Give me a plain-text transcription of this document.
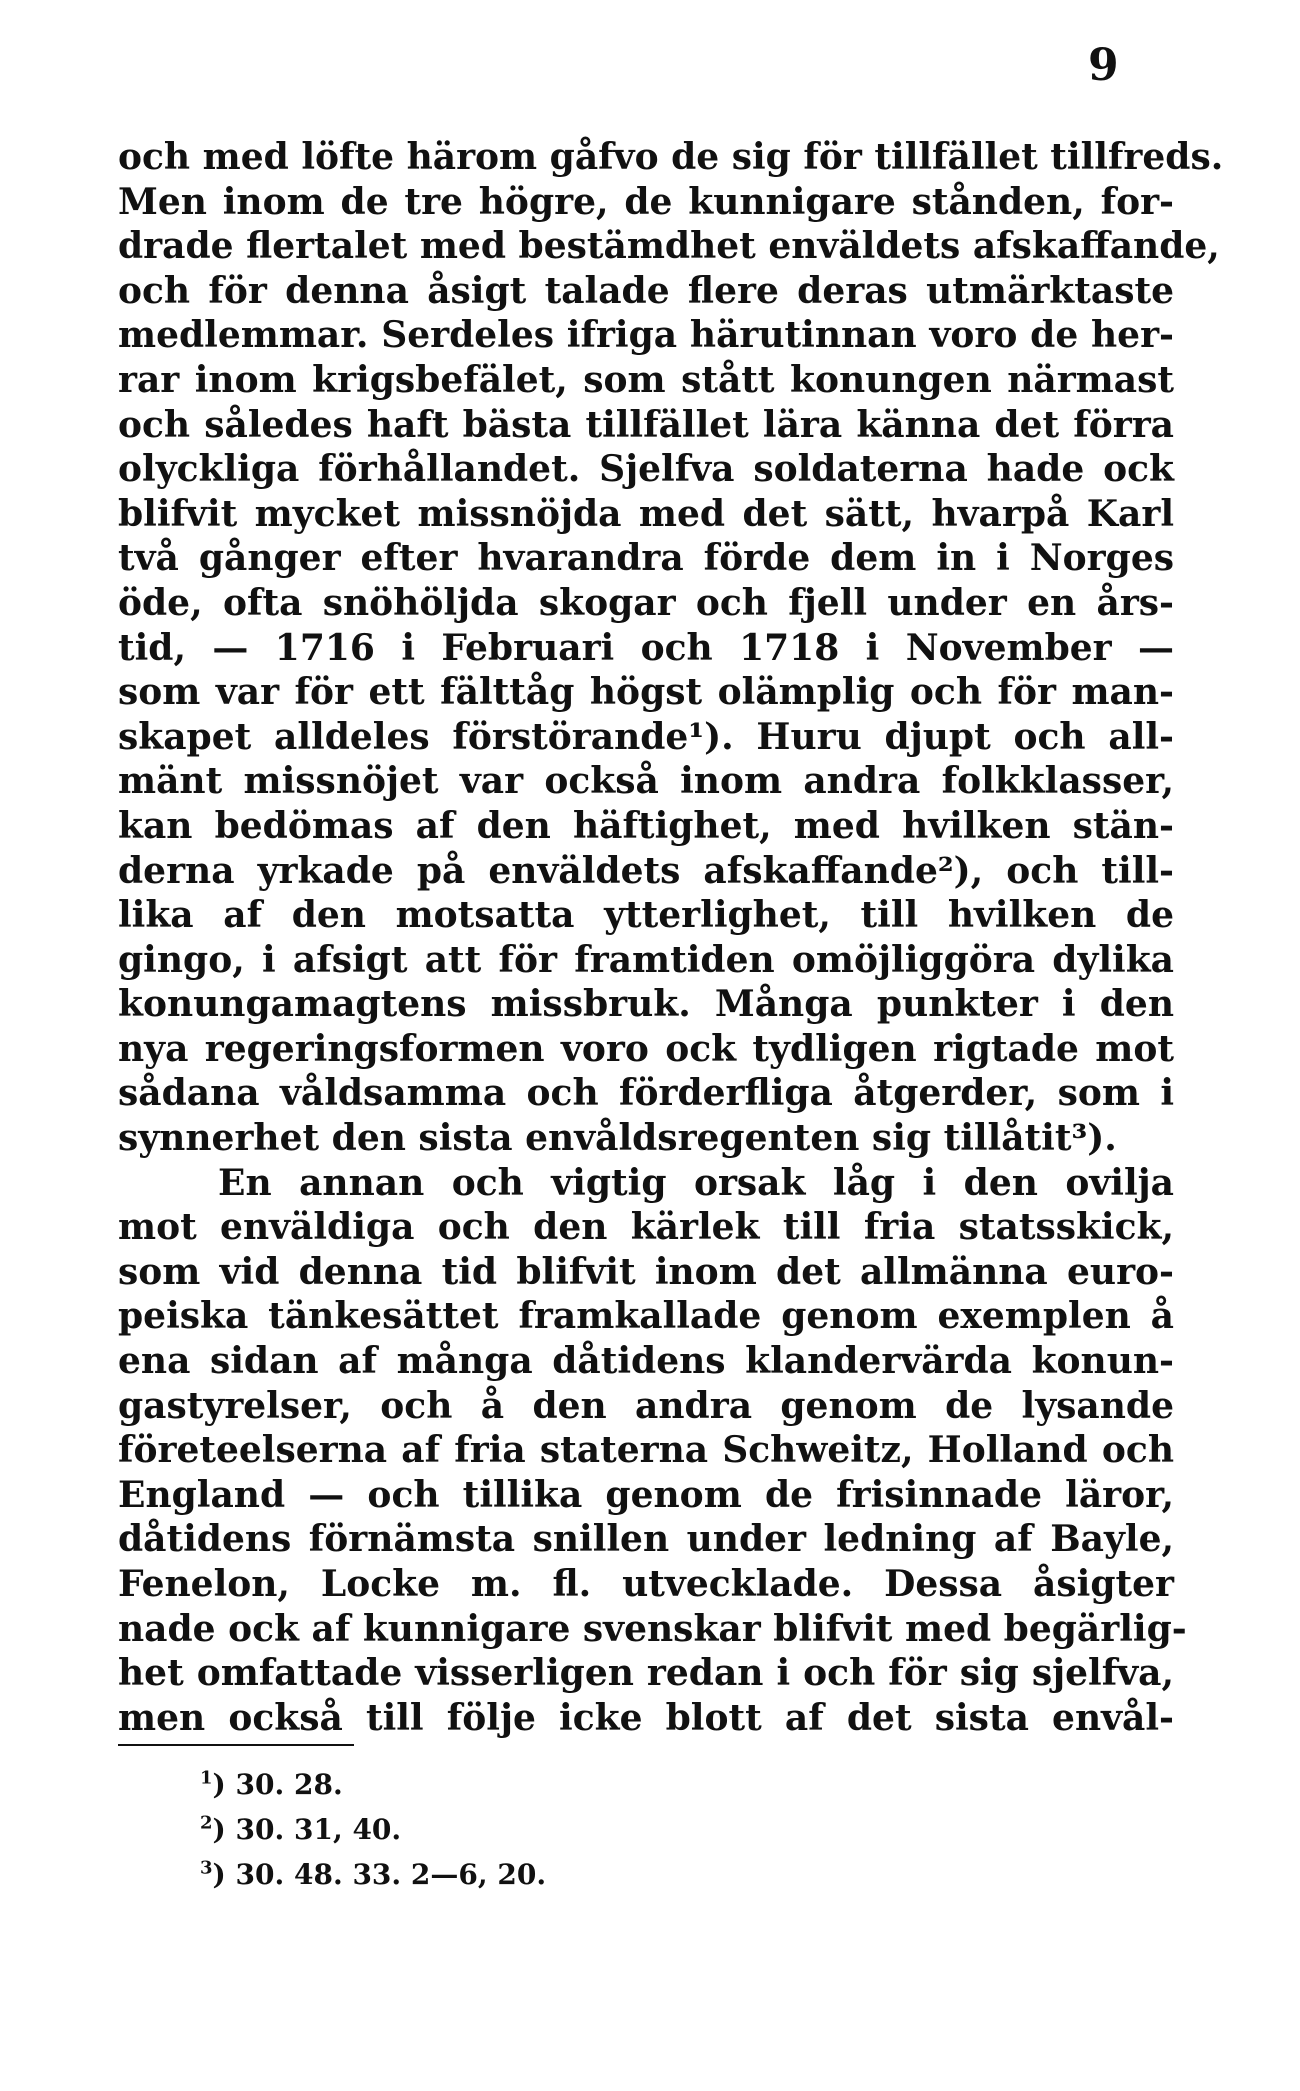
9
och med löfte härom gåfvo de sig för tillfället tillfreds.
Men inom de tre högre, de kunnigare stånden, for-
drade flertalet med bestämdhet enväldets afskaffande,
och för denna åsigt talade flere deras utmärktaste
medlemmar. Serdeles ifriga härutinnan voro de her-
rar inom krigsbefälet, som stått konungen närmast
och således haft bästa tillfället lära känna det förra
olyckliga förhållandet. Sjelfva soldaterna hade ock
blifvit mycket missnöjda med det sätt, hvarpå Karl
två gånger efter hvarandra förde dem in i Norges
öde, ofta snöhöljda skogar och fjell under en års-
tid, — 1716 i Februari och 1718 i November —
som var för ett fälttåg högst olämplig och för man-
skapet alldeles förstörande¹). Huru djupt och all-
mänt missnöjet var också inom andra folkklasser,
kan bedömas af den häftighet, med hvilken stän-
derna yrkade på enväldets afskaffande²), och till-
lika af den motsatta ytterlighet, till hvilken de
gingo, i afsigt att för framtiden omöjliggöra dylika
konungamagtens missbruk. Många punkter i den
nya regeringsformen voro ock tydligen rigtade mot
sådana våldsamma och förderfliga åtgerder, som i
synnerhet den sista envåldsregenten sig tillåtit³).
En annan och vigtig orsak låg i den ovilja
mot enväldiga och den kärlek till fria statsskick,
som vid denna tid blifvit inom det allmänna euro-
peiska tänkesättet framkallade genom exemplen å
ena sidan af många dåtidens klandervärda konun-
gastyrelser, och å den andra genom de lysande
företeelserna af fria staterna Schweitz, Holland och
England — och tillika genom de frisinnade läror,
dåtidens förnämsta snillen under ledning af Bayle,
Fenelon, Locke m. fl. utvecklade. Dessa åsigter
nade ock af kunnigare svenskar blifvit med begärlig-
het omfattade visserligen redan i och för sig sjelfva,
men också till följe icke blott af det sista envål-
$^1$) 30. 28.
$^2$) 30. 31, 40.
$^3$) 30. 48. 33. 2—6, 20.
